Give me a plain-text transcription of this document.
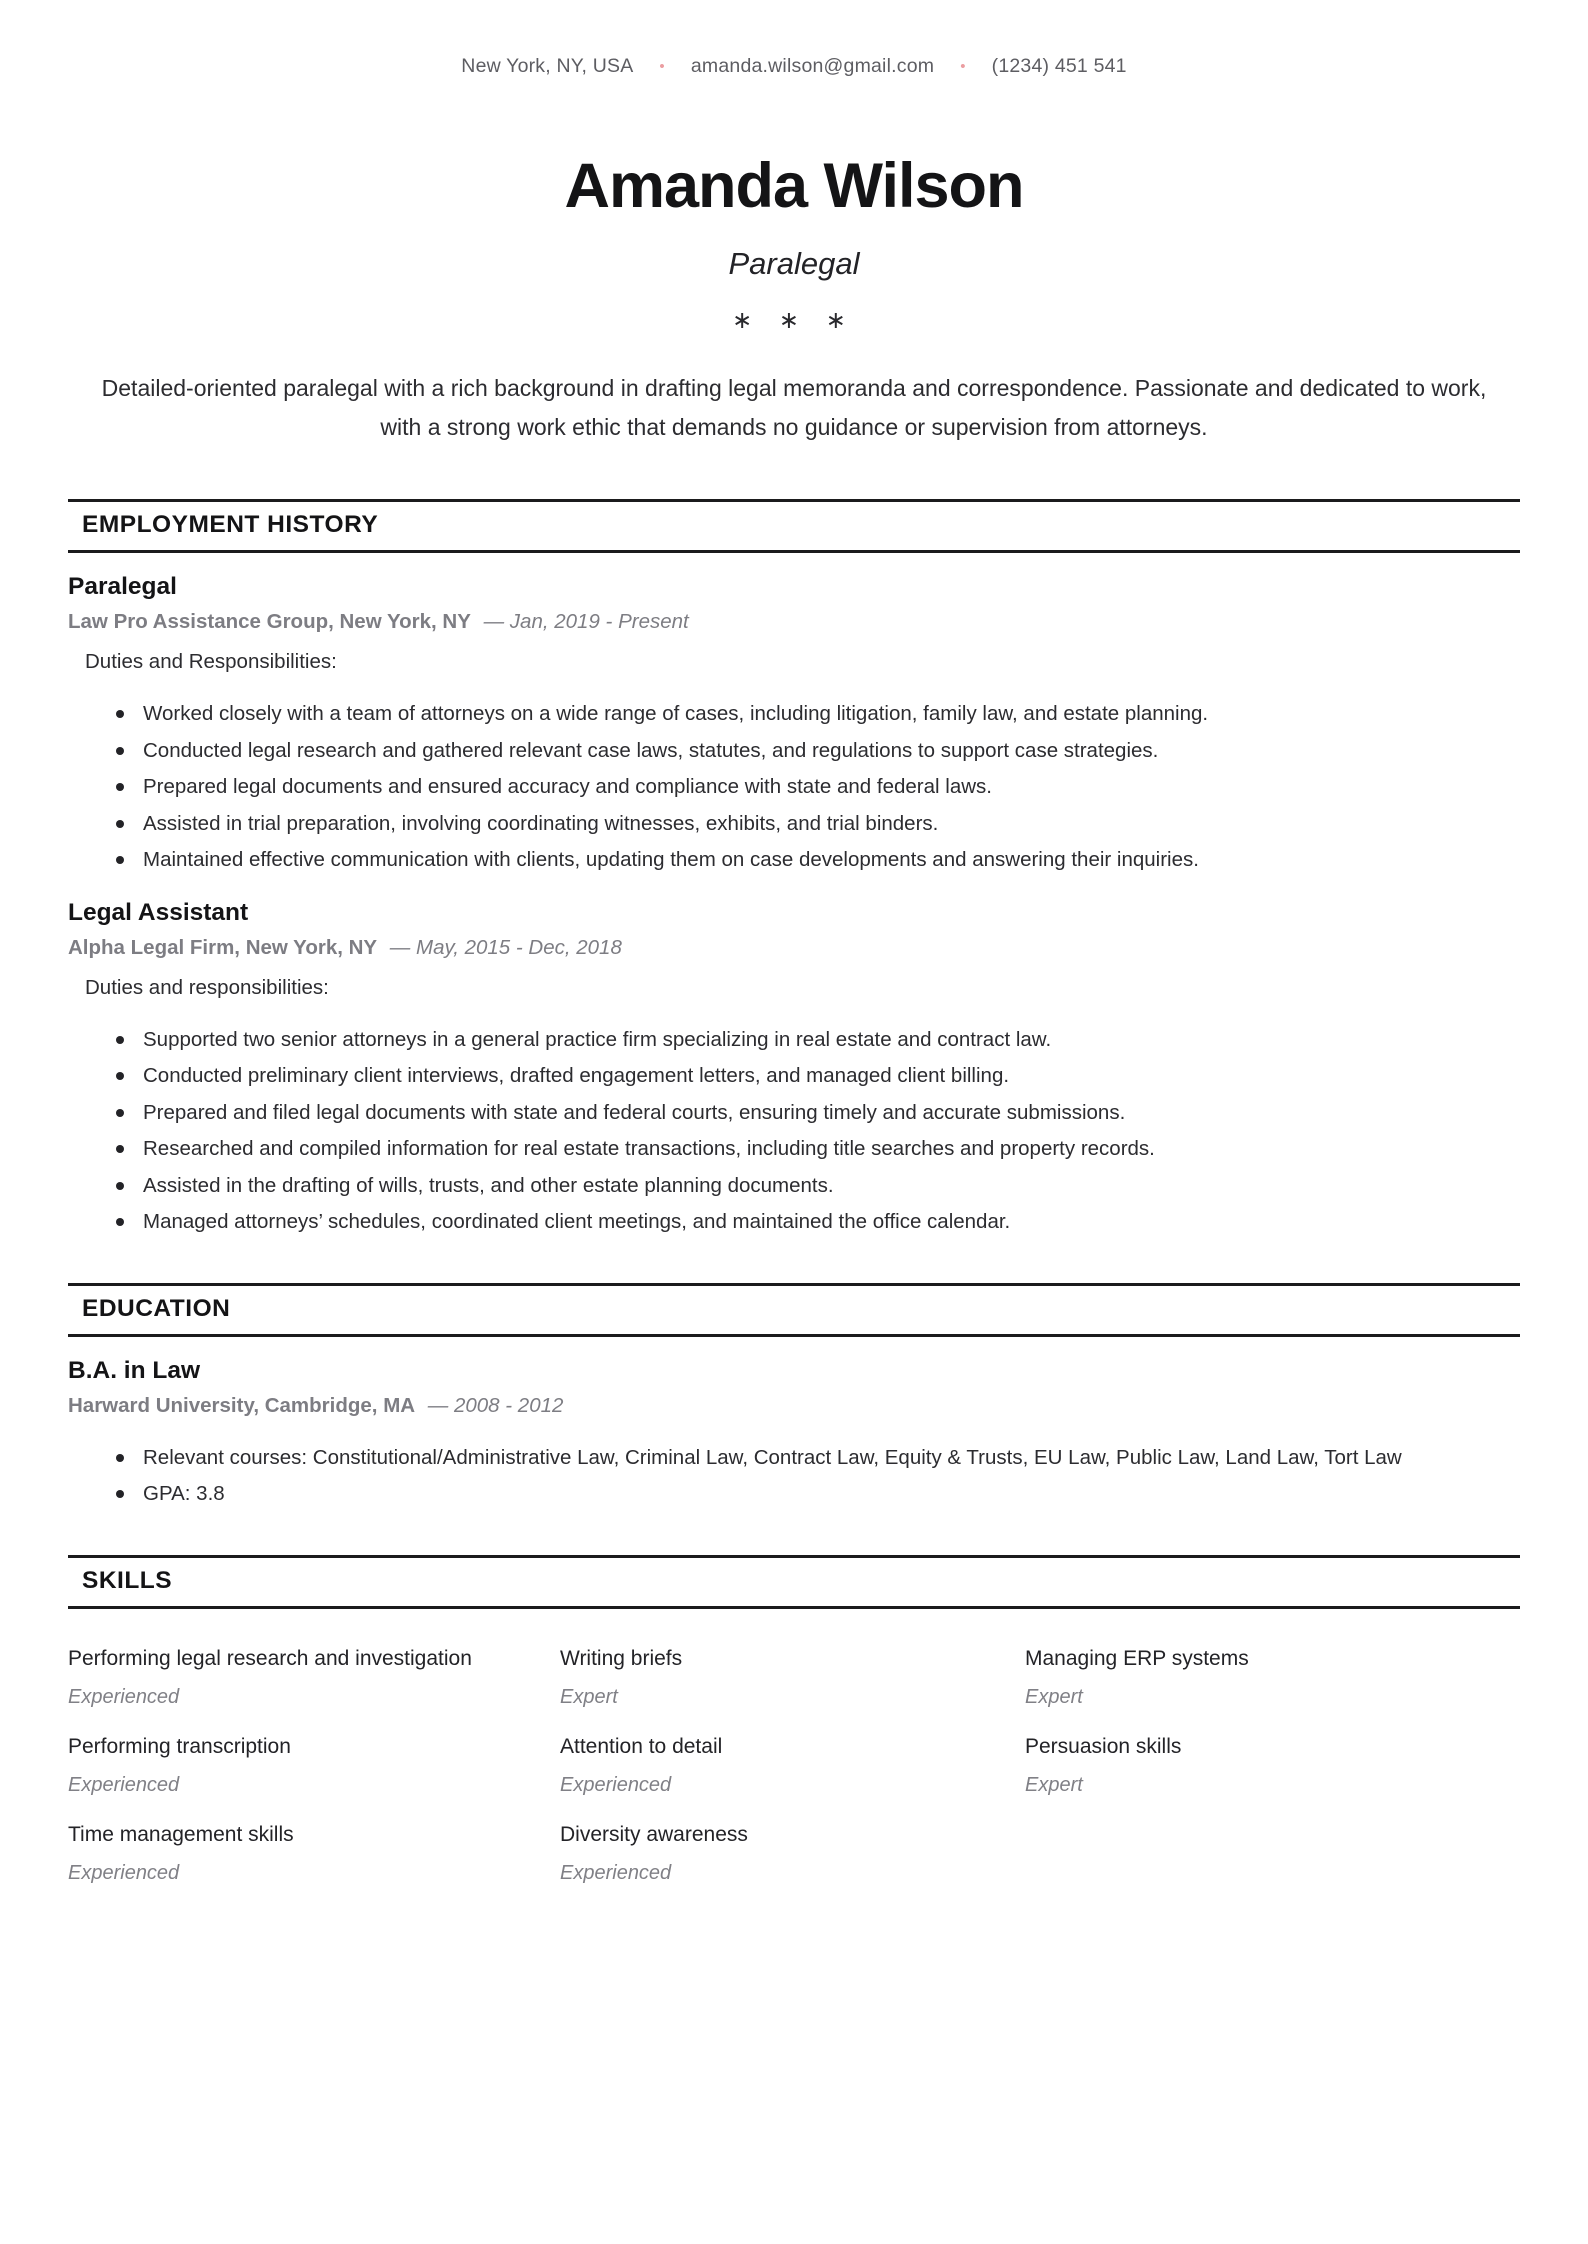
New York, NY, USA • amanda.wilson@gmail.com • (1234) 451 541
Amanda Wilson
Paralegal
∗ ∗ ∗

Detailed-oriented paralegal with a rich background in drafting legal memoranda and correspondence. Passionate and dedicated to work, with a strong work ethic that demands no guidance or supervision from attorneys.

EMPLOYMENT HISTORY
Paralegal
Law Pro Assistance Group, New York, NY — Jan, 2019 - Present
Duties and Responsibilities:
Worked closely with a team of attorneys on a wide range of cases, including litigation, family law, and estate planning.
Conducted legal research and gathered relevant case laws, statutes, and regulations to support case strategies.
Prepared legal documents and ensured accuracy and compliance with state and federal laws.
Assisted in trial preparation, involving coordinating witnesses, exhibits, and trial binders.
Maintained effective communication with clients, updating them on case developments and answering their inquiries.
Legal Assistant
Alpha Legal Firm, New York, NY — May, 2015 - Dec, 2018
Duties and responsibilities:
Supported two senior attorneys in a general practice firm specializing in real estate and contract law.
Conducted preliminary client interviews, drafted engagement letters, and managed client billing.
Prepared and filed legal documents with state and federal courts, ensuring timely and accurate submissions.
Researched and compiled information for real estate transactions, including title searches and property records.
Assisted in the drafting of wills, trusts, and other estate planning documents.
Managed attorneys’ schedules, coordinated client meetings, and maintained the office calendar.
EDUCATION
B.A. in Law
Harward University, Cambridge, MA — 2008 - 2012
Relevant courses: Constitutional/Administrative Law, Criminal Law, Contract Law, Equity & Trusts, EU Law, Public Law, Land Law, Tort Law
GPA: 3.8
SKILLS
Performing legal research and investigation
Experienced
Writing briefs
Expert
Managing ERP systems
Expert
Performing transcription
Experienced
Attention to detail
Experienced
Persuasion skills
Expert
Time management skills
Experienced
Diversity awareness
Experienced
